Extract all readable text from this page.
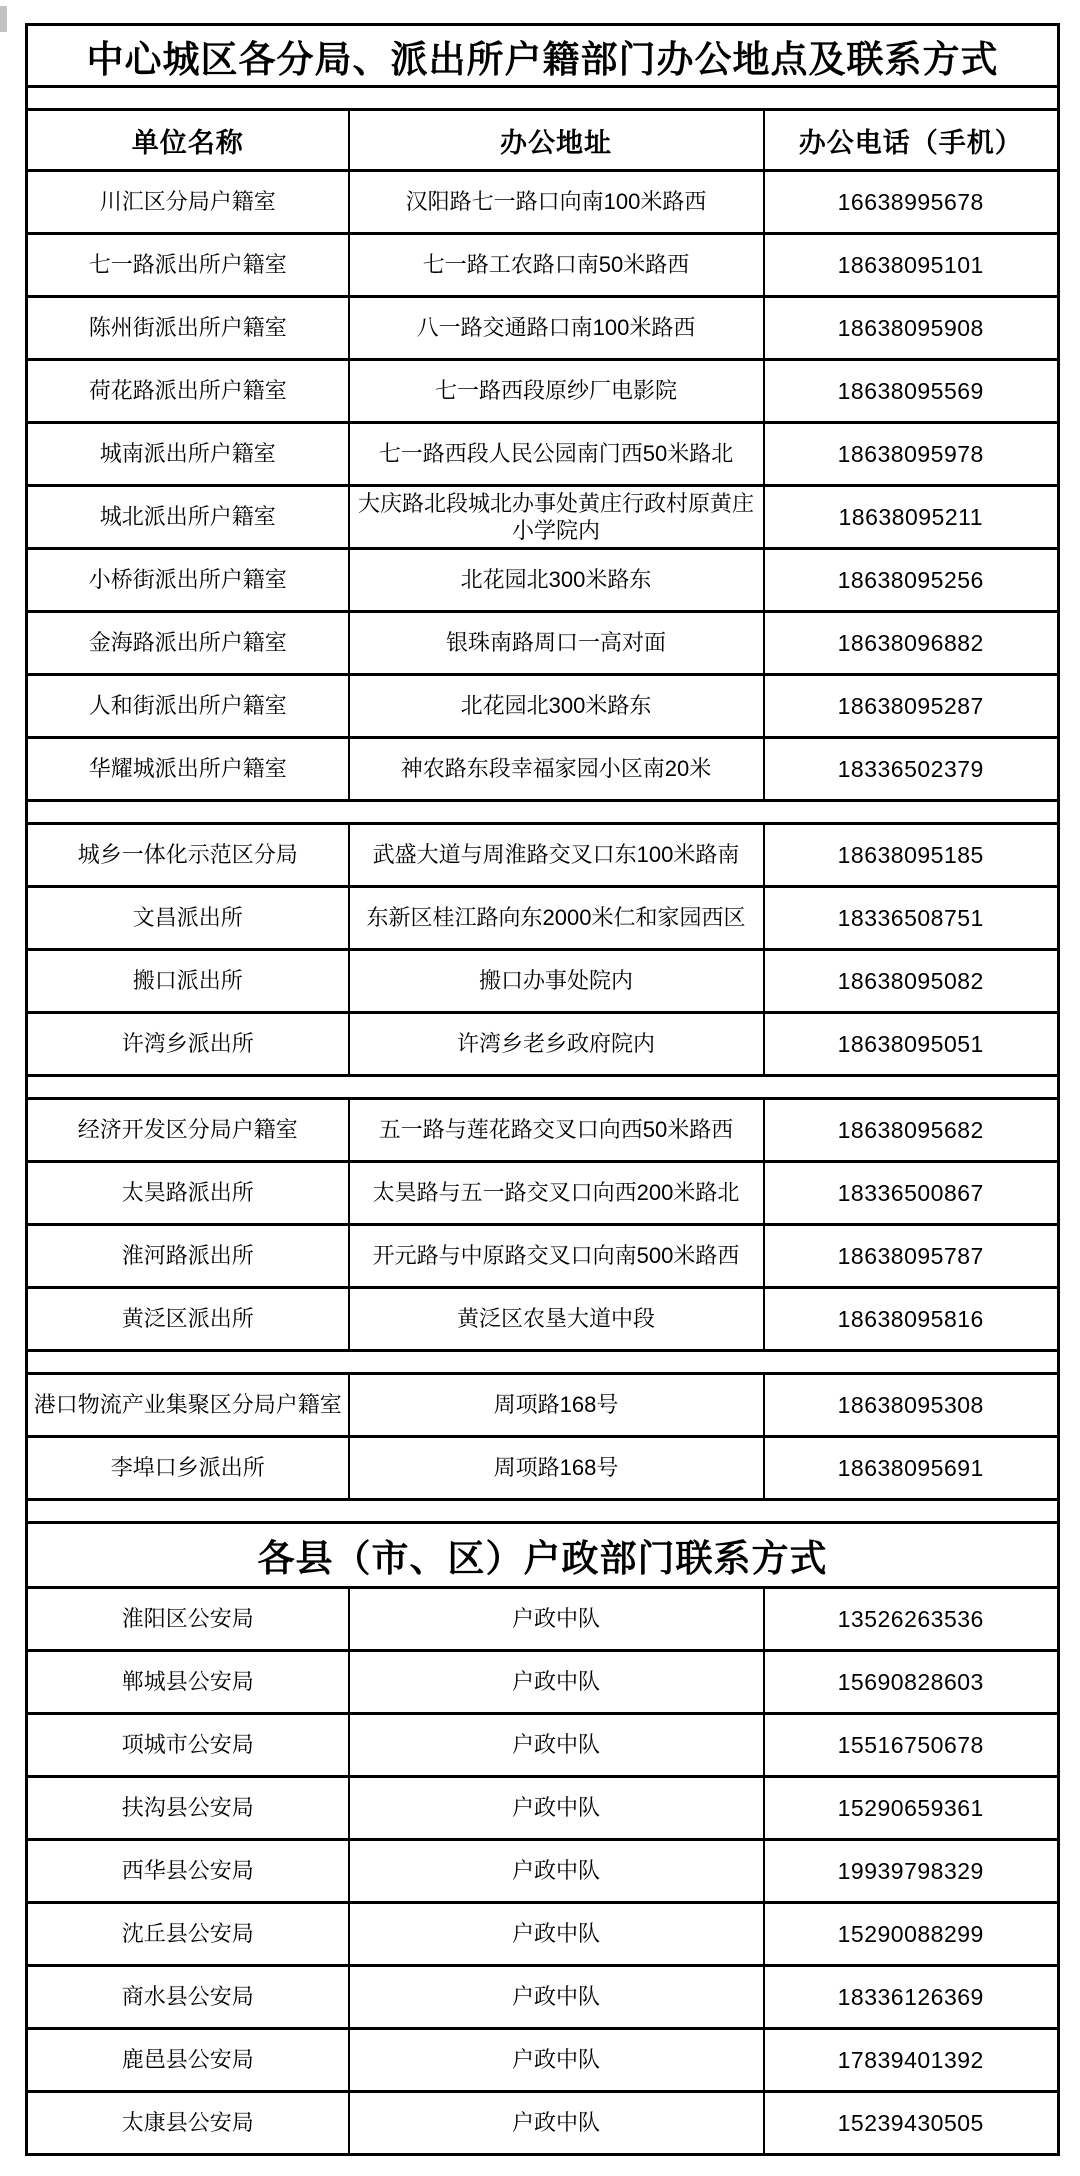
中心城区各分局、派出所户籍部门办公地点及联系方式		

单位名称	办公地址	办公电话（手机）
川汇区分局户籍室	汉阳路七一路口向南100米路西	16638995678
七一路派出所户籍室	七一路工农路口南50米路西	18638095101
陈州街派出所户籍室	八一路交通路口南100米路西	18638095908
荷花路派出所户籍室	七一路西段原纱厂电影院	18638095569
城南派出所户籍室	七一路西段人民公园南门西50米路北	18638095978
城北派出所户籍室	大庆路北段城北办事处黄庄行政村原黄庄小学院内	18638095211
小桥街派出所户籍室	北花园北300米路东	18638095256
金海路派出所户籍室	银珠南路周口一高对面	18638096882
人和街派出所户籍室	北花园北300米路东	18638095287
华耀城派出所户籍室	神农路东段幸福家园小区南20米	18336502379

城乡一体化示范区分局	武盛大道与周淮路交叉口东100米路南	18638095185
文昌派出所	东新区桂江路向东2000米仁和家园西区	18336508751
搬口派出所	搬口办事处院内	18638095082
许湾乡派出所	许湾乡老乡政府院内	18638095051

经济开发区分局户籍室	五一路与莲花路交叉口向西50米路西	18638095682
太昊路派出所	太昊路与五一路交叉口向西200米路北	18336500867
淮河路派出所	开元路与中原路交叉口向南500米路西	18638095787
黄泛区派出所	黄泛区农垦大道中段	18638095816

港口物流产业集聚区分局户籍室	周项路168号	18638095308
李埠口乡派出所	周项路168号	18638095691

各县（市、区）户政部门联系方式		
淮阳区公安局	户政中队	13526263536
郸城县公安局	户政中队	15690828603
项城市公安局	户政中队	15516750678
扶沟县公安局	户政中队	15290659361
西华县公安局	户政中队	19939798329
沈丘县公安局	户政中队	15290088299
商水县公安局	户政中队	18336126369
鹿邑县公安局	户政中队	17839401392
太康县公安局	户政中队	15239430505
